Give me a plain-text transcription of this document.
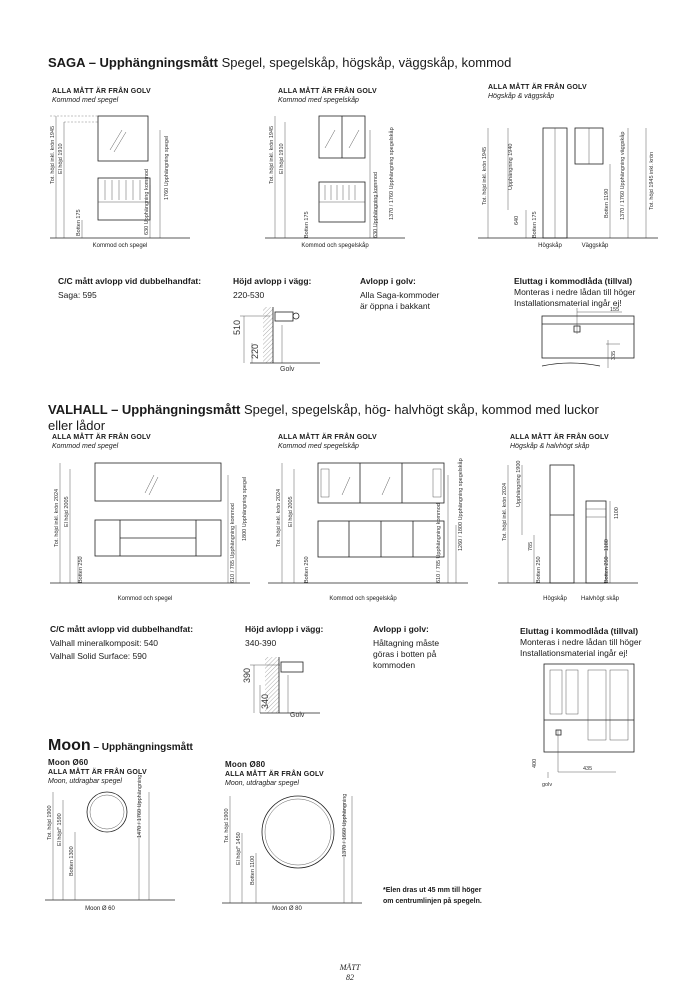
SAGA – Upphängningsmått Spegel, spegelskåp, högskåp, väggskåp, kommod
ALLA MÅTT ÄR FRÅN GOLV
Kommod med spegel
Tot. höjd inkl. krön 1945 El höjd 1910
Botten 175
1760 Upphängning spegel
630 Upphängning kommod
Kommod och spegel
ALLA MÅTT ÄR FRÅN GOLV
Kommod med spegelskåp
Tot. höjd inkl. krön 1945 El höjd 1910
Botten 175
1370 / 1760 Upphängning spegelskåp
630 Upphängning kommod
Kommod och spegelskåp
ALLA MÅTT ÄR FRÅN GOLV
Högskåp & väggskåp
Tot. höjd inkl. krön 1945	Upphängning 1940
640 Botten 175
Botten 1190 1370 / 1760 Upphängning väggskåp	Tot. höjd 1945 inkl. krön
Högskåp	Väggskåp
C/C mått avlopp vid dubbelhandfat:
Saga: 595
Höjd avlopp i vägg:
220-530
510
220
Golv
Avlopp i golv:
Alla Saga-kommoder
är öppna i bakkant
Eluttag i kommodlåda (tillval)
Monteras i nedre lådan till höger
Installationsmaterial ingår ej!
155
335
VALHALL – Upphängningsmått Spegel, spegelskåp, hög- halvhögt skåp, kommod med luckor
eller lådor
ALLA MÅTT ÄR FRÅN GOLV
Kommod med spegel
Tot. höjd inkl. krön 2024 El höjd 2005
Botten 250
1800 Upphängning spegel
610 / 785 Upphängning kommod
Kommod och spegel
ALLA MÅTT ÄR FRÅN GOLV
Kommod med spegelskåp
Tot. höjd inkl. krön 2024 El höjd 2005
Botten 250
1260 / 1800 Upphängning spegelskåp
610 / 785 Upphängning kommod
Kommod och spegelskåp
ALLA MÅTT ÄR FRÅN GOLV
Högskåp & halvhögt skåp
Tot. höjd inkl. krön 2024 Upphängning 1900
785
Botten 250
1100
1180
Botten 250
Högskåp	Halvhögt skåp
C/C mått avlopp vid dubbelhandfat:
Valhall mineralkomposit: 540
Valhall Solid Surface: 590
Höjd avlopp i vägg:
340-390
390
340
Golv
Avlopp i golv:
Håltagning måste
göras i botten på
kommoden
Eluttag i kommodlåda (tillval)
Monteras i nedre lådan till höger
Installationsmaterial ingår ej!
400
435
golv
Moon – Upphängningsmått
Moon Ø60
ALLA MÅTT ÄR FRÅN GOLV
Moon, utdragbar spegel
Tot. höjd 1900 El höjd* 1590
Botten 1300
1470 / 1760 Upphängning
Moon Ø 60
Moon Ø80
ALLA MÅTT ÄR FRÅN GOLV
Moon, utdragbar spegel
Tot. höjd 1900
El höjd* 1450
Botten 1100
1370 / 1660 Upphängning
Moon Ø 80
*Elen dras ut 45 mm till höger
om centrumlinjen på spegeln.
MÅTT
82
